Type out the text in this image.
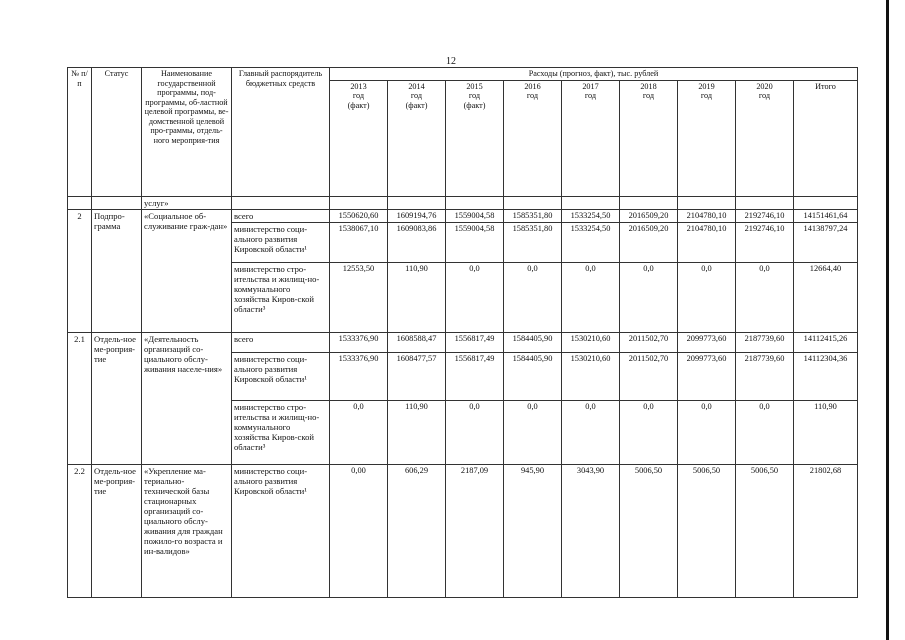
12
№ п/п	Статус	Наименование государственной программы, под-программы, об-ластной целевой программы, ве-домственной целевой про-граммы, отдель-ного мероприя-тия	Главный распорядитель бюджетных средств	Расходы (прогноз, факт), тыс. рублей								
				2013
год
(факт)	2014
год
(факт)	2015
год
(факт)	2016
год	2017
год	2018
год	2019
год	2020
год	Итого
		услуг»										
2	Подпро-грамма	«Социальное об-служивание граж-дан»	всего	1550620,60	1609194,76	1559004,58	1585351,80	1533254,50	2016509,20	2104780,10	2192746,10	14151461,64
			министерство соци-ального развития Кировской области¹	1538067,10	1609083,86	1559004,58	1585351,80	1533254,50	2016509,20	2104780,10	2192746,10	14138797,24
			министерство стро-ительства и жилищ-но-коммунального хозяйства Киров-ской области³	12553,50	110,90	0,0	0,0	0,0	0,0	0,0	0,0	12664,40
2.1	Отдель-ное ме-роприя-тие	«Деятельность организаций со-циального обслу-живания населе-ния»	всего	1533376,90	1608588,47	1556817,49	1584405,90	1530210,60	2011502,70	2099773,60	2187739,60	14112415,26
			министерство соци-ального развития Кировской области¹	1533376,90	1608477,57	1556817,49	1584405,90	1530210,60	2011502,70	2099773,60	2187739,60	14112304,36
			министерство стро-ительства и жилищ-но-коммунального хозяйства Киров-ской области³	0,0	110,90	0,0	0,0	0,0	0,0	0,0	0,0	110,90
2.2	Отдель-ное ме-роприя-тие	«Укрепление ма-териально-технической базы стационарных организаций со-циального обслу-живания для граждан пожило-го возраста и ин-валидов»	министерство соци-ального развития Кировской области¹	0,00	606,29	2187,09	945,90	3043,90	5006,50	5006,50	5006,50	21802,68
